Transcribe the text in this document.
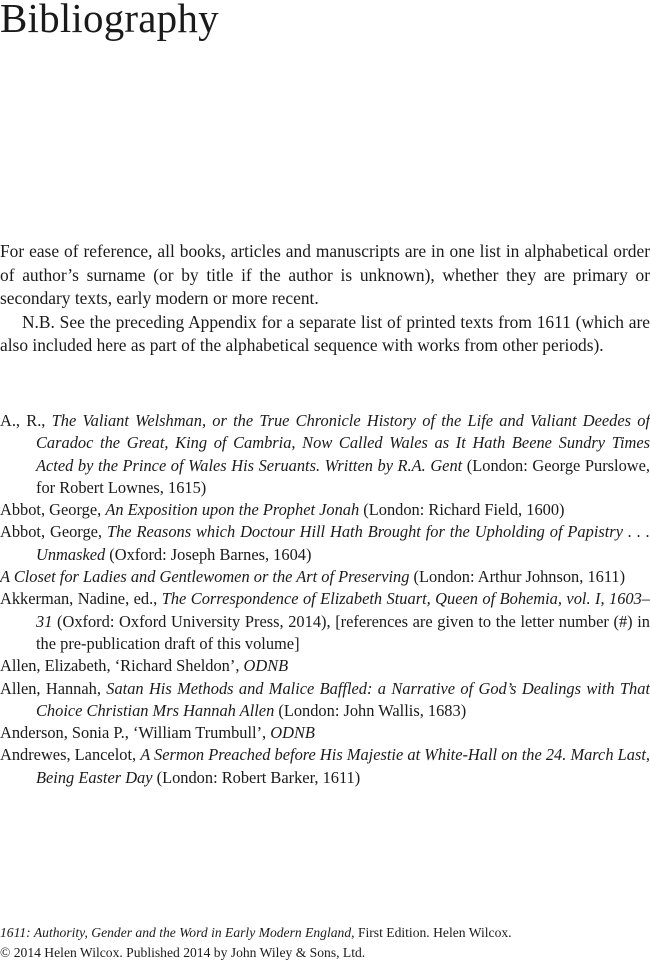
Bibliography

For ease of reference, all books, articles and manuscripts are in one list in alphabetical order of author’s surname (or by title if the author is unknown), whether they are primary or secondary texts, early modern or more recent.

N.B. See the preceding Appendix for a separate list of printed texts from 1611 (which are also included here as part of the alphabetical sequence with works from other periods).

A., R., The Valiant Welshman, or the True Chronicle History of the Life and Valiant Deedes of Caradoc the Great, King of Cambria, Now Called Wales as It Hath Beene Sundry Times Acted by the Prince of Wales His Seruants. Written by R.A. Gent (London: George Purslowe, for Robert Lownes, 1615)

Abbot, George, An Exposition upon the Prophet Jonah (London: Richard Field, 1600)

Abbot, George, The Reasons which Doctour Hill Hath Brought for the Upholding of Papistry . . . Unmasked (Oxford: Joseph Barnes, 1604)

A Closet for Ladies and Gentlewomen or the Art of Preserving (London: Arthur Johnson, 1611)

Akkerman, Nadine, ed., The Correspondence of Elizabeth Stuart, Queen of Bohemia, vol. I, 1603–31 (Oxford: Oxford University Press, 2014), [references are given to the letter number (#) in the pre-publication draft of this volume]

Allen, Elizabeth, ‘Richard Sheldon’, ODNB

Allen, Hannah, Satan His Methods and Malice Baffled: a Narrative of God’s Dealings with That Choice Christian Mrs Hannah Allen (London: John Wallis, 1683)

Anderson, Sonia P., ‘William Trumbull’, ODNB

Andrewes, Lancelot, A Sermon Preached before His Majestie at White-Hall on the 24. March Last, Being Easter Day (London: Robert Barker, 1611)

1611: Authority, Gender and the Word in Early Modern England, First Edition. Helen Wilcox.
© 2014 Helen Wilcox. Published 2014 by John Wiley & Sons, Ltd.
